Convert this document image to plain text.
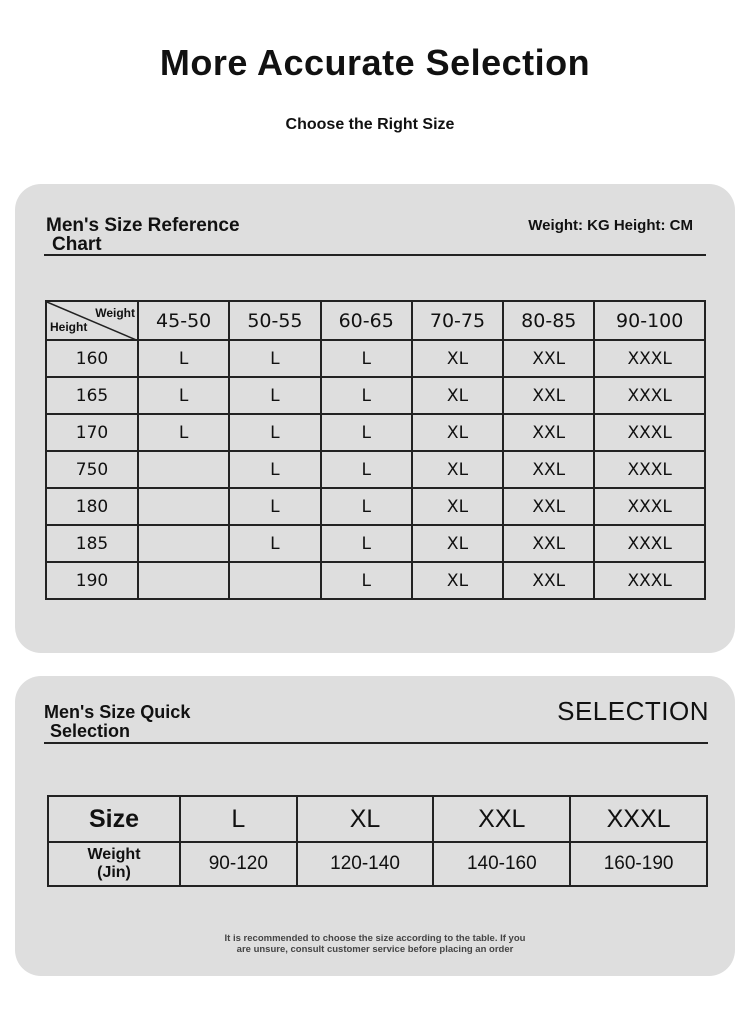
More Accurate Selection
Choose the Right Size
Men's Size Reference
Chart
Weight: KG Height: CM
Weight
Height	45-50	50-55	60-65	70-75	80-85	90-100
160	L	L	L	XL	XXL	XXXL
165	L	L	L	XL	XXL	XXXL
170	L	L	L	XL	XXL	XXXL
750		L	L	XL	XXL	XXXL
180		L	L	XL	XXL	XXXL
185		L	L	XL	XXL	XXXL
190			L	XL	XXL	XXXL
Men's Size Quick
Selection
SELECTION
Size	L	XL	XXL	XXXL
Weight
(Jin)	90-120	120-140	140-160	160-190
It is recommended to choose the size according to the table. If you
are unsure, consult customer service before placing an order
